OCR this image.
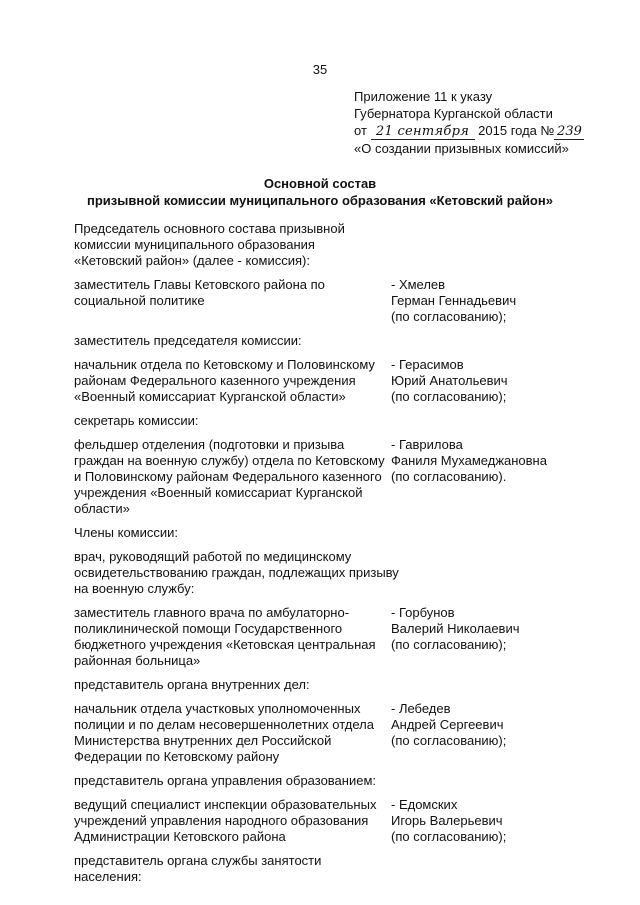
35
Приложение 11 к указу
Губернатора Курганской области
от 21 сентября 2015 года № 239
«О создании призывных комиссий»
Основной состав
призывной комиссии муниципального образования «Кетовский район»
Председатель основного состава призывной комиссии муниципального образования «Кетовский район» (далее - комиссия):
заместитель Главы Кетовского района по социальной политике
- Хмелев
Герман Геннадьевич
(по согласованию);
заместитель председателя комиссии:
начальник отдела по Кетовскому и Половинскому районам Федерального казенного учреждения «Военный комиссариат Курганской области»
- Герасимов
Юрий Анатольевич
(по согласованию);
секретарь комиссии:
фельдшер отделения (подготовки и призыва граждан на военную службу) отдела по Кетовскому и Половинскому районам Федерального казенного учреждения «Военный комиссариат Курганской области»
- Гаврилова
Фаниля Мухамеджановна
(по согласованию).
Члены комиссии:
врач, руководящий работой по медицинскому освидетельствованию граждан, подлежащих призыву на военную службу:
заместитель главного врача по амбулаторно-поликлинической помощи Государственного бюджетного учреждения «Кетовская центральная районная больница»
- Горбунов
Валерий Николаевич
(по согласованию);
представитель органа внутренних дел:
начальник отдела участковых уполномоченных полиции и по делам несовершеннолетних отдела Министерства внутренних дел Российской Федерации по Кетовскому району
- Лебедев
Андрей Сергеевич
(по согласованию);
представитель органа управления образованием:
ведущий специалист инспекции образовательных учреждений управления народного образования Администрации Кетовского района
- Едомских
Игорь Валерьевич
(по согласованию);
представитель органа службы занятости населения:
